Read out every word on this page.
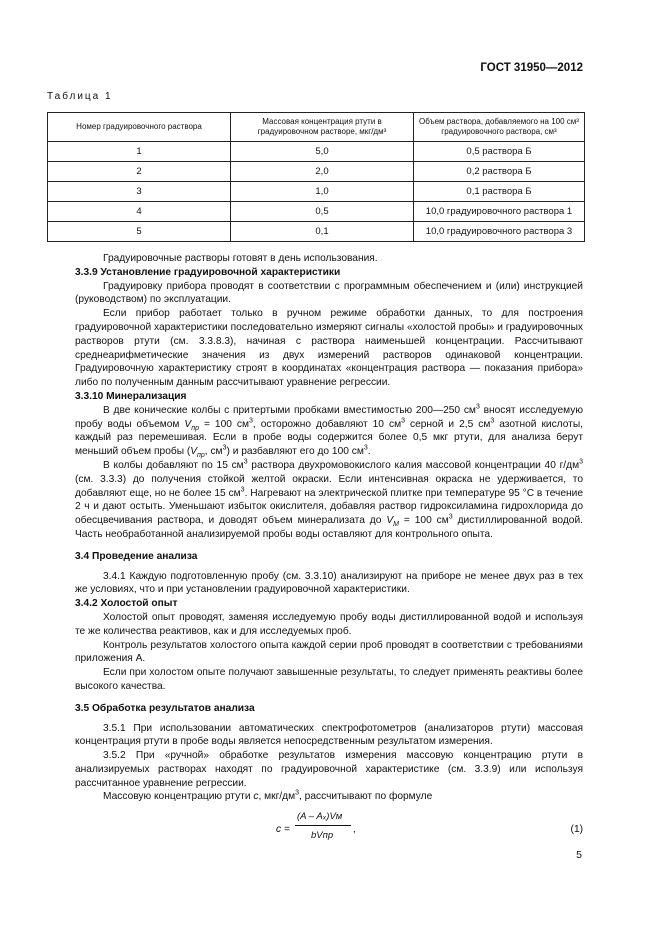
ГОСТ 31950—2012
Таблица 1
Номер градуировочного раствора	Массовая концентрация ртути в градуировочном растворе, мкг/дм³	Объем раствора, добавляемого на 100 см³ градуировочного раствора, см³
1	5,0	0,5 раствора Б
2	2,0	0,2 раствора Б
3	1,0	0,1 раствора Б
4	0,5	10,0 градуировочного раствора 1
5	0,1	10,0 градуировочного раствора 3

Градуировочные растворы готовят в день использования.

3.3.9 Установление градуировочной характеристики

Градуировку прибора проводят в соответствии с программным обеспечением и (или) инструкцией (руководством) по эксплуатации.

Если прибор работает только в ручном режиме обработки данных, то для построения градуировочной характеристики последовательно измеряют сигналы «холостой пробы» и градуировочных растворов ртути (см. 3.3.8.3), начиная с раствора наименьшей концентрации. Рассчитывают среднеарифметические значения из двух измерений растворов одинаковой концентрации. Градуировочную характеристику строят в координатах «концентрация раствора — показания прибора» либо по полученным данным рассчитывают уравнение регрессии.

3.3.10 Минерализация

В две конические колбы с притертыми пробками вместимостью 200—250 $см^3$ вносят исследуемую пробу воды объемом $V_{пр} = 100$ $см^3$, осторожно добавляют 10 $см^3$ серной и 2,5 $см^3$ азотной кислоты, каждый раз перемешивая. Если в пробе воды содержится более 0,5 мкг ртути, для анализа берут меньший объем пробы ($V_{пр}$, $см^3$) и разбавляют его до 100 $см^3$.

В колбы добавляют по 15 $см^3$ раствора двухромовокислого калия массовой концентрации 40 $г/дм^3$ (см. 3.3.3) до получения стойкой желтой окраски. Если интенсивная окраска не удерживается, то добавляют еще, но не более 15 $см^3$. Нагревают на электрической плитке при температуре 95 °С в течение 2 ч и дают остыть. Уменьшают избыток окислителя, добавляя раствор гидроксиламина гидрохлорида до обесцвечивания раствора, и доводят объем минерализата до $V_М = 100$ $см^3$ дистиллированной водой. Часть необработанной анализируемой пробы воды оставляют для контрольного опыта.

3.4 Проведение анализа

3.4.1 Каждую подготовленную пробу (см. 3.3.10) анализируют на приборе не менее двух раз в тех же условиях, что и при установлении градуировочной характеристики.

3.4.2 Холостой опыт

Холостой опыт проводят, заменяя исследуемую пробу воды дистиллированной водой и используя те же количества реактивов, как и для исследуемых проб.

Контроль результатов холостого опыта каждой серии проб проводят в соответствии с требованиями приложения А.

Если при холостом опыте получают завышенные результаты, то следует применять реактивы более высокого качества.

3.5 Обработка результатов анализа

3.5.1 При использовании автоматических спектрофотометров (анализаторов ртути) массовая концентрация ртути в пробе воды является непосредственным результатом измерения.

3.5.2 При «ручной» обработке результатов измерения массовую концентрацию ртути в анализируемых растворах находят по градуировочной характеристике (см. 3.3.9) или используя рассчитанное уравнение регрессии.

Массовую концентрацию ртути c, мкг/$дм^3$, рассчитывают по формуле

c =
(A – Aₓ)Vм
bVпр
,	(1)
5
